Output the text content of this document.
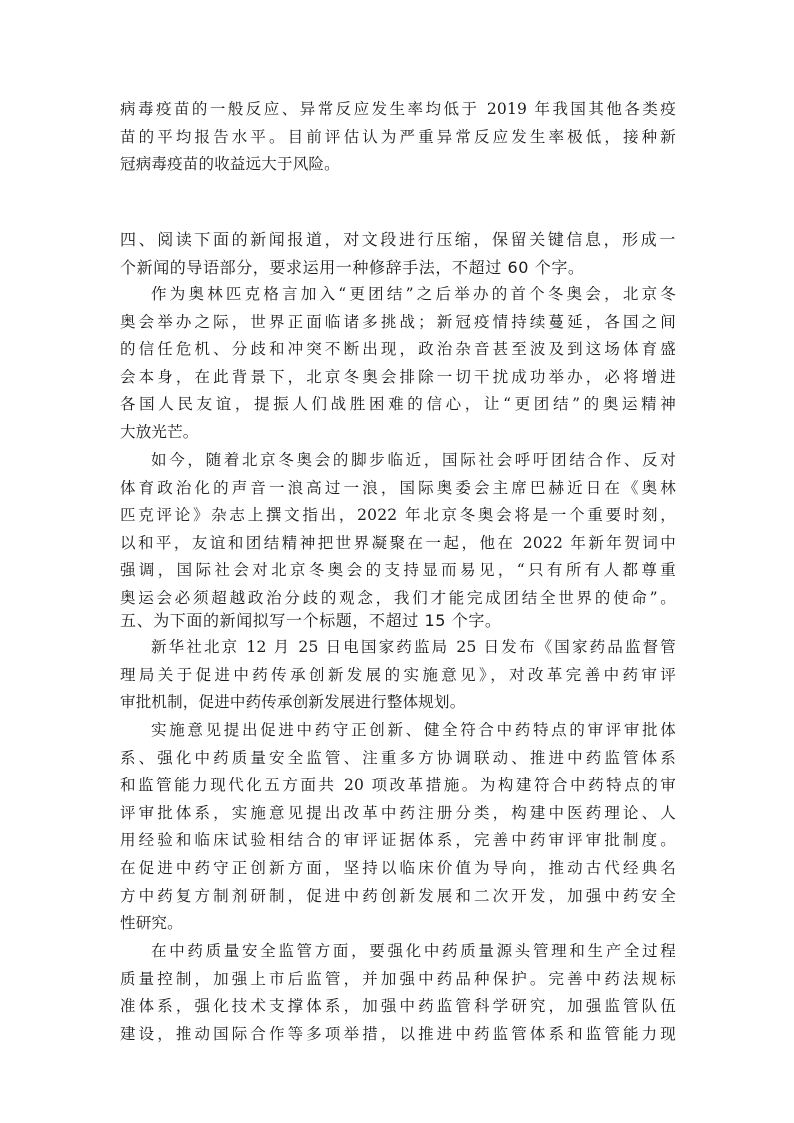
病毒疫苗的一般反应、异常反应发生率均低于 2019 年我国其他各类疫
苗的平均报告水平。目前评估认为严重异常反应发生率极低，接种新
冠病毒疫苗的收益远大于风险。
四、阅读下面的新闻报道，对文段进行压缩，保留关键信息，形成一
个新闻的导语部分，要求运用一种修辞手法，不超过 60 个字。
作为奥林匹克格言加入“更团结”之后举办的首个冬奥会，北京冬
奥会举办之际，世界正面临诸多挑战；新冠疫情持续蔓延，各国之间
的信任危机、分歧和冲突不断出现，政治杂音甚至波及到这场体育盛
会本身，在此背景下，北京冬奥会排除一切干扰成功举办，必将增进
各国人民友谊，提振人们战胜困难的信心，让“更团结”的奥运精神
大放光芒。
如今，随着北京冬奥会的脚步临近，国际社会呼吁团结合作、反对
体育政治化的声音一浪高过一浪，国际奥委会主席巴赫近日在《奥林
匹克评论》杂志上撰文指出，2022 年北京冬奥会将是一个重要时刻，
以和平，友谊和团结精神把世界凝聚在一起，他在 2022 年新年贺词中
强调，国际社会对北京冬奥会的支持显而易见，“只有所有人都尊重
奥运会必须超越政治分歧的观念，我们才能完成团结全世界的使命”。
五、为下面的新闻拟写一个标题，不超过 15 个字。
新华社北京 12 月 25 日电国家药监局 25 日发布《国家药品监督管
理局关于促进中药传承创新发展的实施意见》，对改革完善中药审评
审批机制，促进中药传承创新发展进行整体规划。
实施意见提出促进中药守正创新、健全符合中药特点的审评审批体
系、强化中药质量安全监管、注重多方协调联动、推进中药监管体系
和监管能力现代化五方面共 20 项改革措施。为构建符合中药特点的审
评审批体系，实施意见提出改革中药注册分类，构建中医药理论、人
用经验和临床试验相结合的审评证据体系，完善中药审评审批制度。
在促进中药守正创新方面，坚持以临床价值为导向，推动古代经典名
方中药复方制剂研制，促进中药创新发展和二次开发，加强中药安全
性研究。
在中药质量安全监管方面，要强化中药质量源头管理和生产全过程
质量控制，加强上市后监管，并加强中药品种保护。完善中药法规标
准体系，强化技术支撑体系，加强中药监管科学研究，加强监管队伍
建设，推动国际合作等多项举措，以推进中药监管体系和监管能力现
